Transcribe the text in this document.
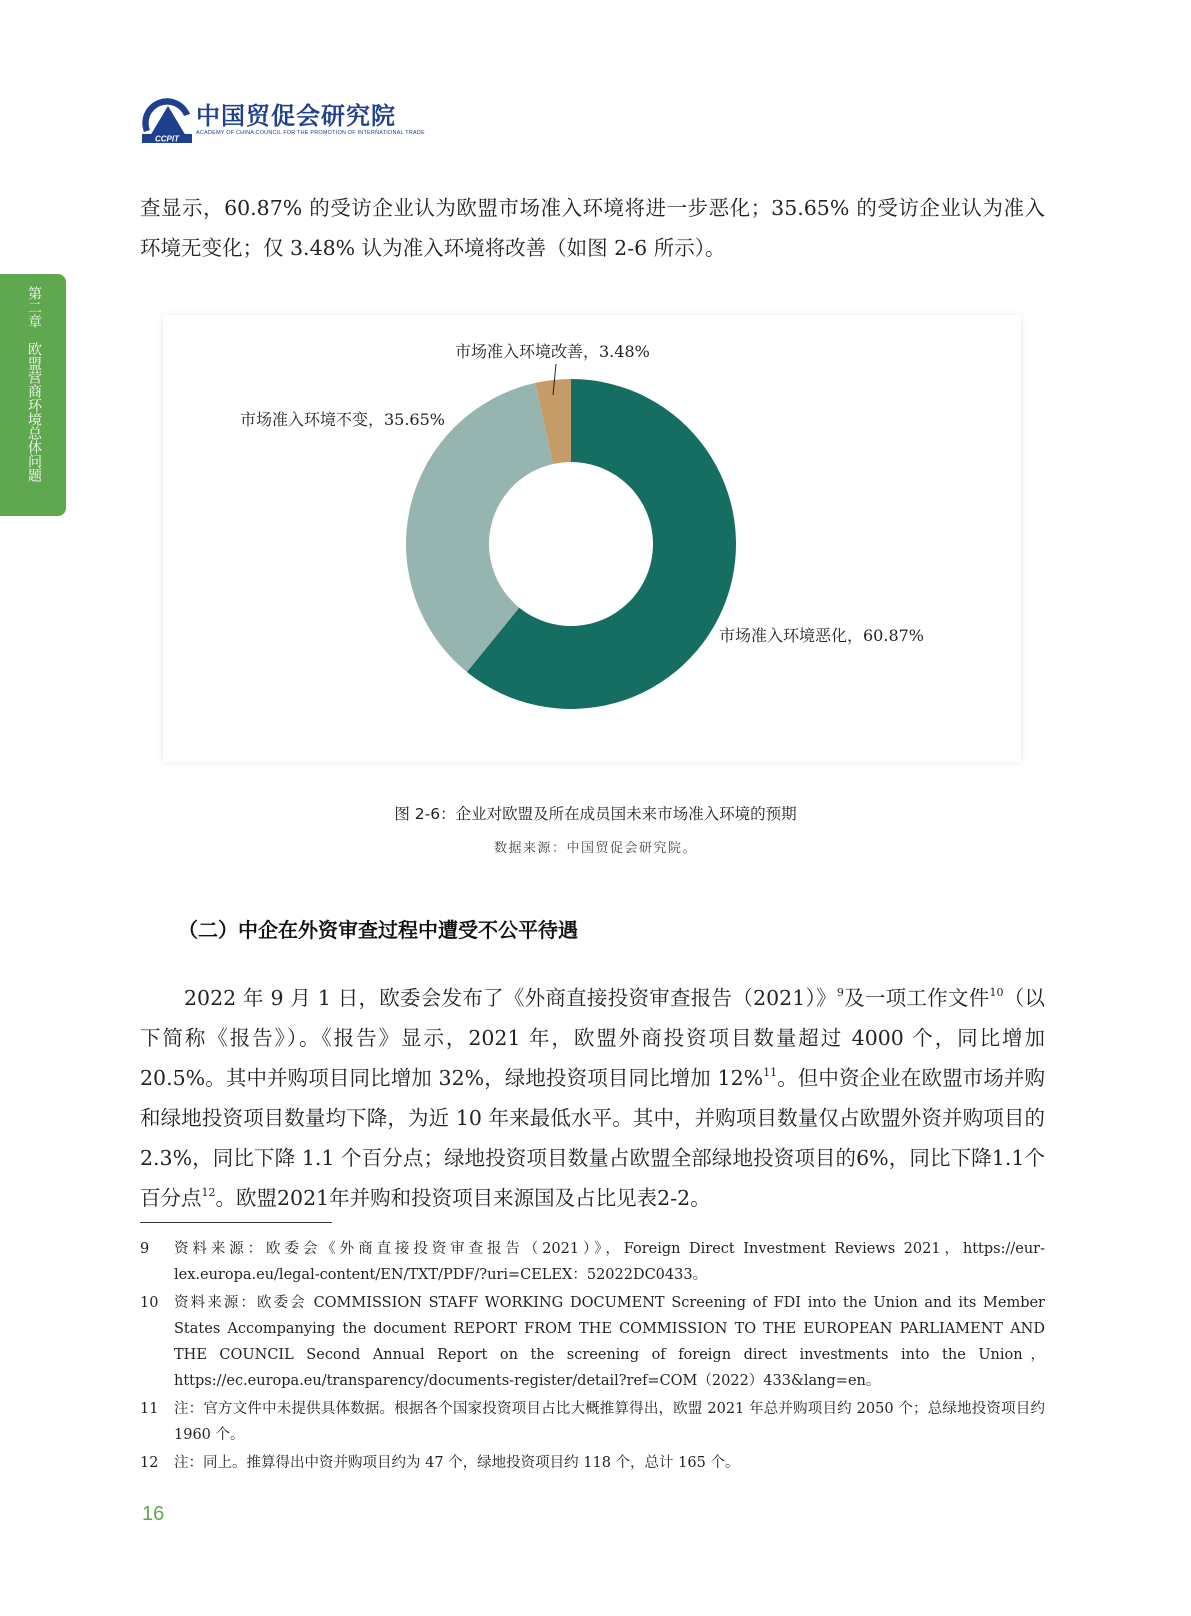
CCPIT
中国贸促会研究院
ACADEMY OF CHINA COUNCIL FOR THE PROMOTION OF INTERNATIONAL TRADE
第二章　欧盟营商环境总体问题
查显示，60.87% 的受访企业认为欧盟市场准入环境将进一步恶化；35.65% 的受访企业认为准入环境无变化；仅 3.48% 认为准入环境将改善（如图 2-6 所示）。
市场准入环境恶化，60.87%
市场准入环境不变，35.65%
市场准入环境改善，3.48%
图 2-6：企业对欧盟及所在成员国未来市场准入环境的预期
数据来源：中国贸促会研究院。
（二）中企在外资审查过程中遭受不公平待遇
2022 年 9 月 1 日，欧委会发布了《外商直接投资审查报告（2021）》$^9$及一项工作文件$^{10}$（以下简称《报告》）。《报告》显示，2021 年，欧盟外商投资项目数量超过 4000 个，同比增加 20.5%。其中并购项目同比增加 32%，绿地投资项目同比增加 12%$^{11}$。但中资企业在欧盟市场并购和绿地投资项目数量均下降，为近 10 年来最低水平。其中，并购项目数量仅占欧盟外资并购项目的 2.3%，同比下降 1.1 个百分点；绿地投资项目数量占欧盟全部绿地投资项目的6%，同比下降1.1个百分点$^{12}$。欧盟2021年并购和投资项目来源国及占比见表2-2。
9 资料来源：欧委会《外商直接投资审查报告（2021）》，Foreign Direct Investment Reviews 2021，https://eur-lex.europa.eu/legal-content/EN/TXT/PDF/?uri=CELEX：52022DC0433。
10 资料来源：欧委会 COMMISSION STAFF WORKING DOCUMENT Screening of FDI into the Union and its Member States Accompanying the document REPORT FROM THE COMMISSION TO THE EUROPEAN PARLIAMENT AND THE COUNCIL Second Annual Report on the screening of foreign direct investments into the Union，https://ec.europa.eu/transparency/documents-register/detail?ref=COM（2022）433&lang=en。
11 注：官方文件中未提供具体数据。根据各个国家投资项目占比大概推算得出，欧盟 2021 年总并购项目约 2050 个；总绿地投资项目约 1960 个。
12 注：同上。推算得出中资并购项目约为 47 个，绿地投资项目约 118 个，总计 165 个。
16
